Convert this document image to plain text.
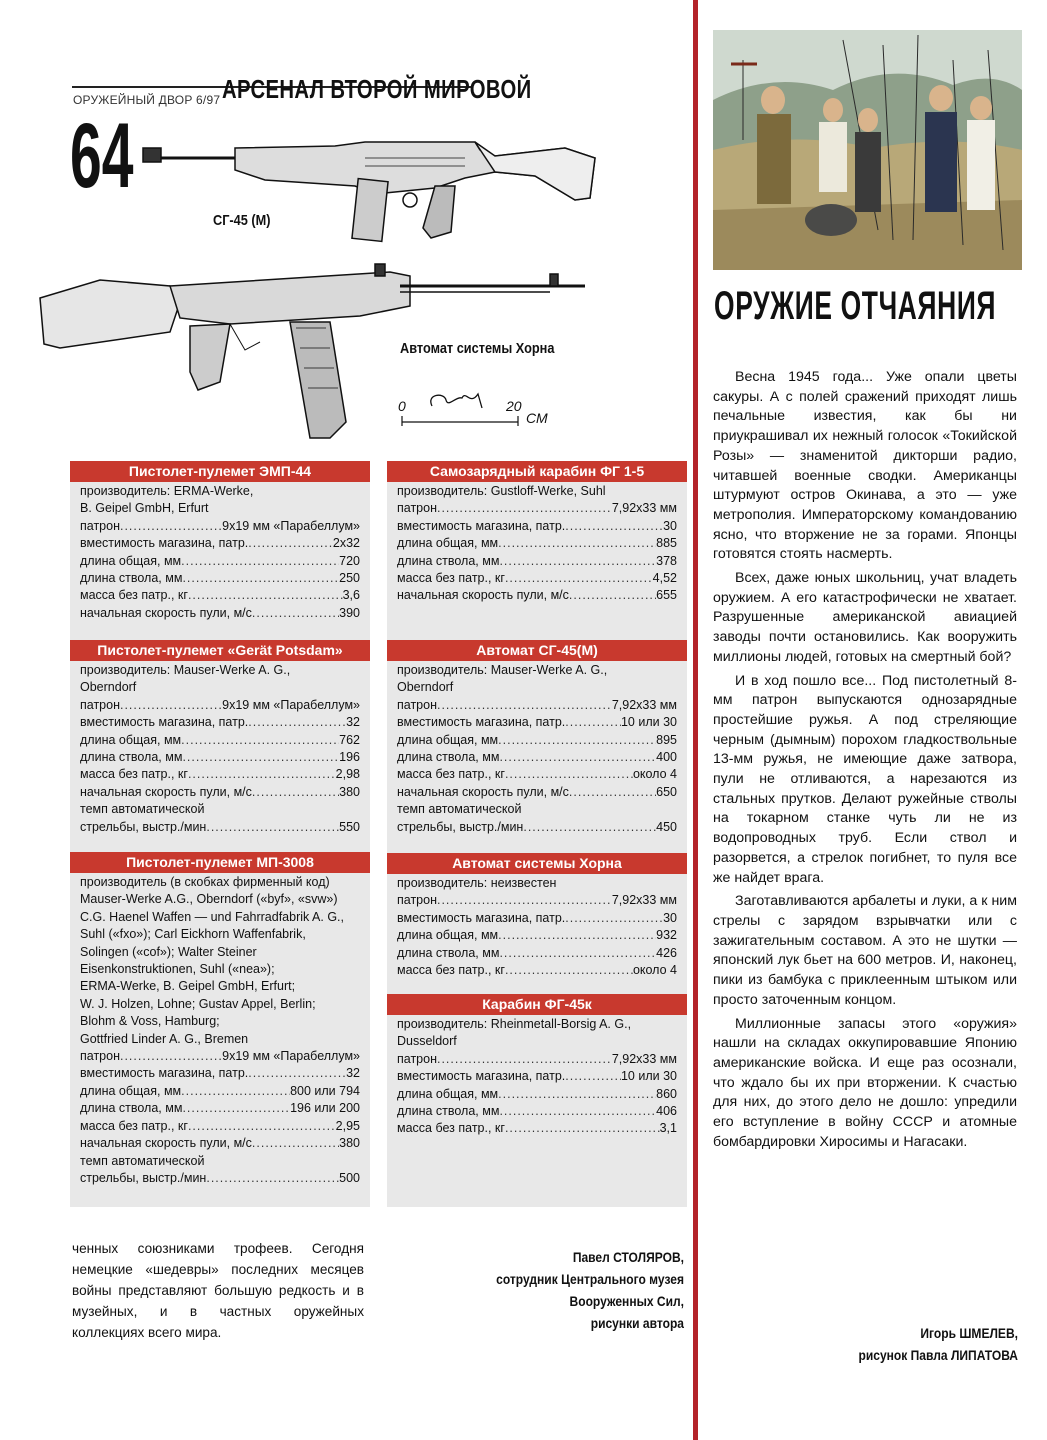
ОРУЖЕЙНЫЙ ДВОР 6/97 АРСЕНАЛ ВТОРОЙ МИРОВОЙ
64
СГ-45 (М)
Автомат системы Хорна
0	20
СМ
Пистолет-пулемет ЭМП-44

производитель: ERMA-Werke,

B. Geipel GmbH, Erfurt

патрон .....	9x19 мм «Парабеллум»
вместимость магазина, патр. .....	2x32
длина общая, мм .....	720
длина ствола, мм .....	250
масса без патр., кг .....	3,6
начальная скорость пули, м/с .....	390
Пистолет-пулемет «Gerät Potsdam»

производитель: Mauser-Werke A. G.,

Oberndorf

патрон .....	9x19 мм «Парабеллум»
вместимость магазина, патр. .....	32
длина общая, мм .....	762
длина ствола, мм .....	196
масса без патр., кг .....	2,98
начальная скорость пули, м/с .....	380

темп автоматической

стрельбы, выстр./мин .....	550
Пистолет-пулемет МП-3008

производитель (в скобках фирменный код)

Mauser-Werke A.G., Oberndorf («byf», «svw»)

C.G. Haenel Waffen — und Fahrradfabrik A. G.,

Suhl («fxo»); Carl Eickhorn Waffenfabrik,

Solingen («cof»); Walter Steiner

Eisenkonstruktionen, Suhl («nea»);

ERMA-Werke, B. Geipel GmbH, Erfurt;

W. J. Holzen, Lohne; Gustav Appel, Berlin;

Blohm & Voss, Hamburg;

Gottfried Linder A. G., Bremen

патрон .....	9x19 мм «Парабеллум»
вместимость магазина, патр. .....	32
длина общая, мм .....	800 или 794
длина ствола, мм .....	196 или 200
масса без патр., кг .....	2,95
начальная скорость пули, м/с .....	380

темп автоматической

стрельбы, выстр./мин .....	500
Самозарядный карабин ФГ 1-5

производитель: Gustloff-Werke, Suhl

патрон .....	7,92x33 мм
вместимость магазина, патр. .....	30
длина общая, мм .....	885
длина ствола, мм .....	378
масса без патр., кг .....	4,52
начальная скорость пули, м/с .....	655
Автомат СГ-45(М)

производитель: Mauser-Werke A. G.,

Oberndorf

патрон .....	7,92x33 мм
вместимость магазина, патр. .....	10 или 30
длина общая, мм .....	895
длина ствола, мм .....	400
масса без патр., кг .....	около 4
начальная скорость пули, м/с .....	650

темп автоматической

стрельбы, выстр./мин .....	450
Автомат системы Хорна

производитель: неизвестен

патрон .....	7,92x33 мм
вместимость магазина, патр. .....	30
длина общая, мм .....	932
длина ствола, мм .....	426
масса без патр., кг .....	около 4
Карабин ФГ-45к

производитель: Rheinmetall-Borsig A. G.,

Dusseldorf

патрон .....	7,92x33 мм
вместимость магазина, патр. .....	10 или 30
длина общая, мм .....	860
длина ствола, мм .....	406
масса без патр., кг .....	3,1

ченных союзниками трофеев. Сегодня немецкие «шедевры» последних месяцев войны представляют большую редкость и в музейных, и в частных оружейных коллекциях всего мира.

Павел СТОЛЯРОВ,
сотрудник Центрального музея
Вооруженных Сил,
рисунки автора
ОРУЖИЕ ОТЧАЯНИЯ

Весна 1945 года... Уже опали цветы сакуры. А с полей сражений приходят лишь печальные известия, как бы ни приукрашивал их нежный голосок «Токийской Розы» — знаменитой дикторши радио, читавшей военные сводки. Американцы штурмуют остров Окинава, а это — уже метрополия. Императорскому командованию ясно, что вторжение не за горами. Японцы готовятся стоять насмерть.

Всех, даже юных школьниц, учат владеть оружием. А его катастрофически не хватает. Разрушенные американской авиацией заводы почти остановились. Как вооружить миллионы людей, готовых на смертный бой?

И в ход пошло все... Под пистолетный 8-мм патрон выпускаются однозарядные простейшие ружья. А под стреляющие черным (дымным) порохом гладкоствольные 13-мм ружья, не имеющие даже затвора, пули не отливаются, а нарезаются из стальных прутков. Делают ружейные стволы на токарном станке чуть ли не из водопроводных труб. Если ствол и разорвется, а стрелок погибнет, то пуля все же найдет врага.

Заготавливаются арбалеты и луки, а к ним стрелы с зарядом взрывчатки или с зажигательным составом. А это не шутки — японский лук бьет на 600 метров. И, наконец, пики из бамбука с приклеенным штыком или просто заточенным концом.

Миллионные запасы этого «оружия» нашли на складах оккупировавшие Японию американские войска. И еще раз осознали, что ждало бы их при вторжении. К счастью для них, до этого дело не дошло: упредили его вступление в войну СССР и атомные бомбардировки Хиросимы и Нагасаки.

Игорь ШМЕЛЕВ,
рисунок Павла ЛИПАТОВА
